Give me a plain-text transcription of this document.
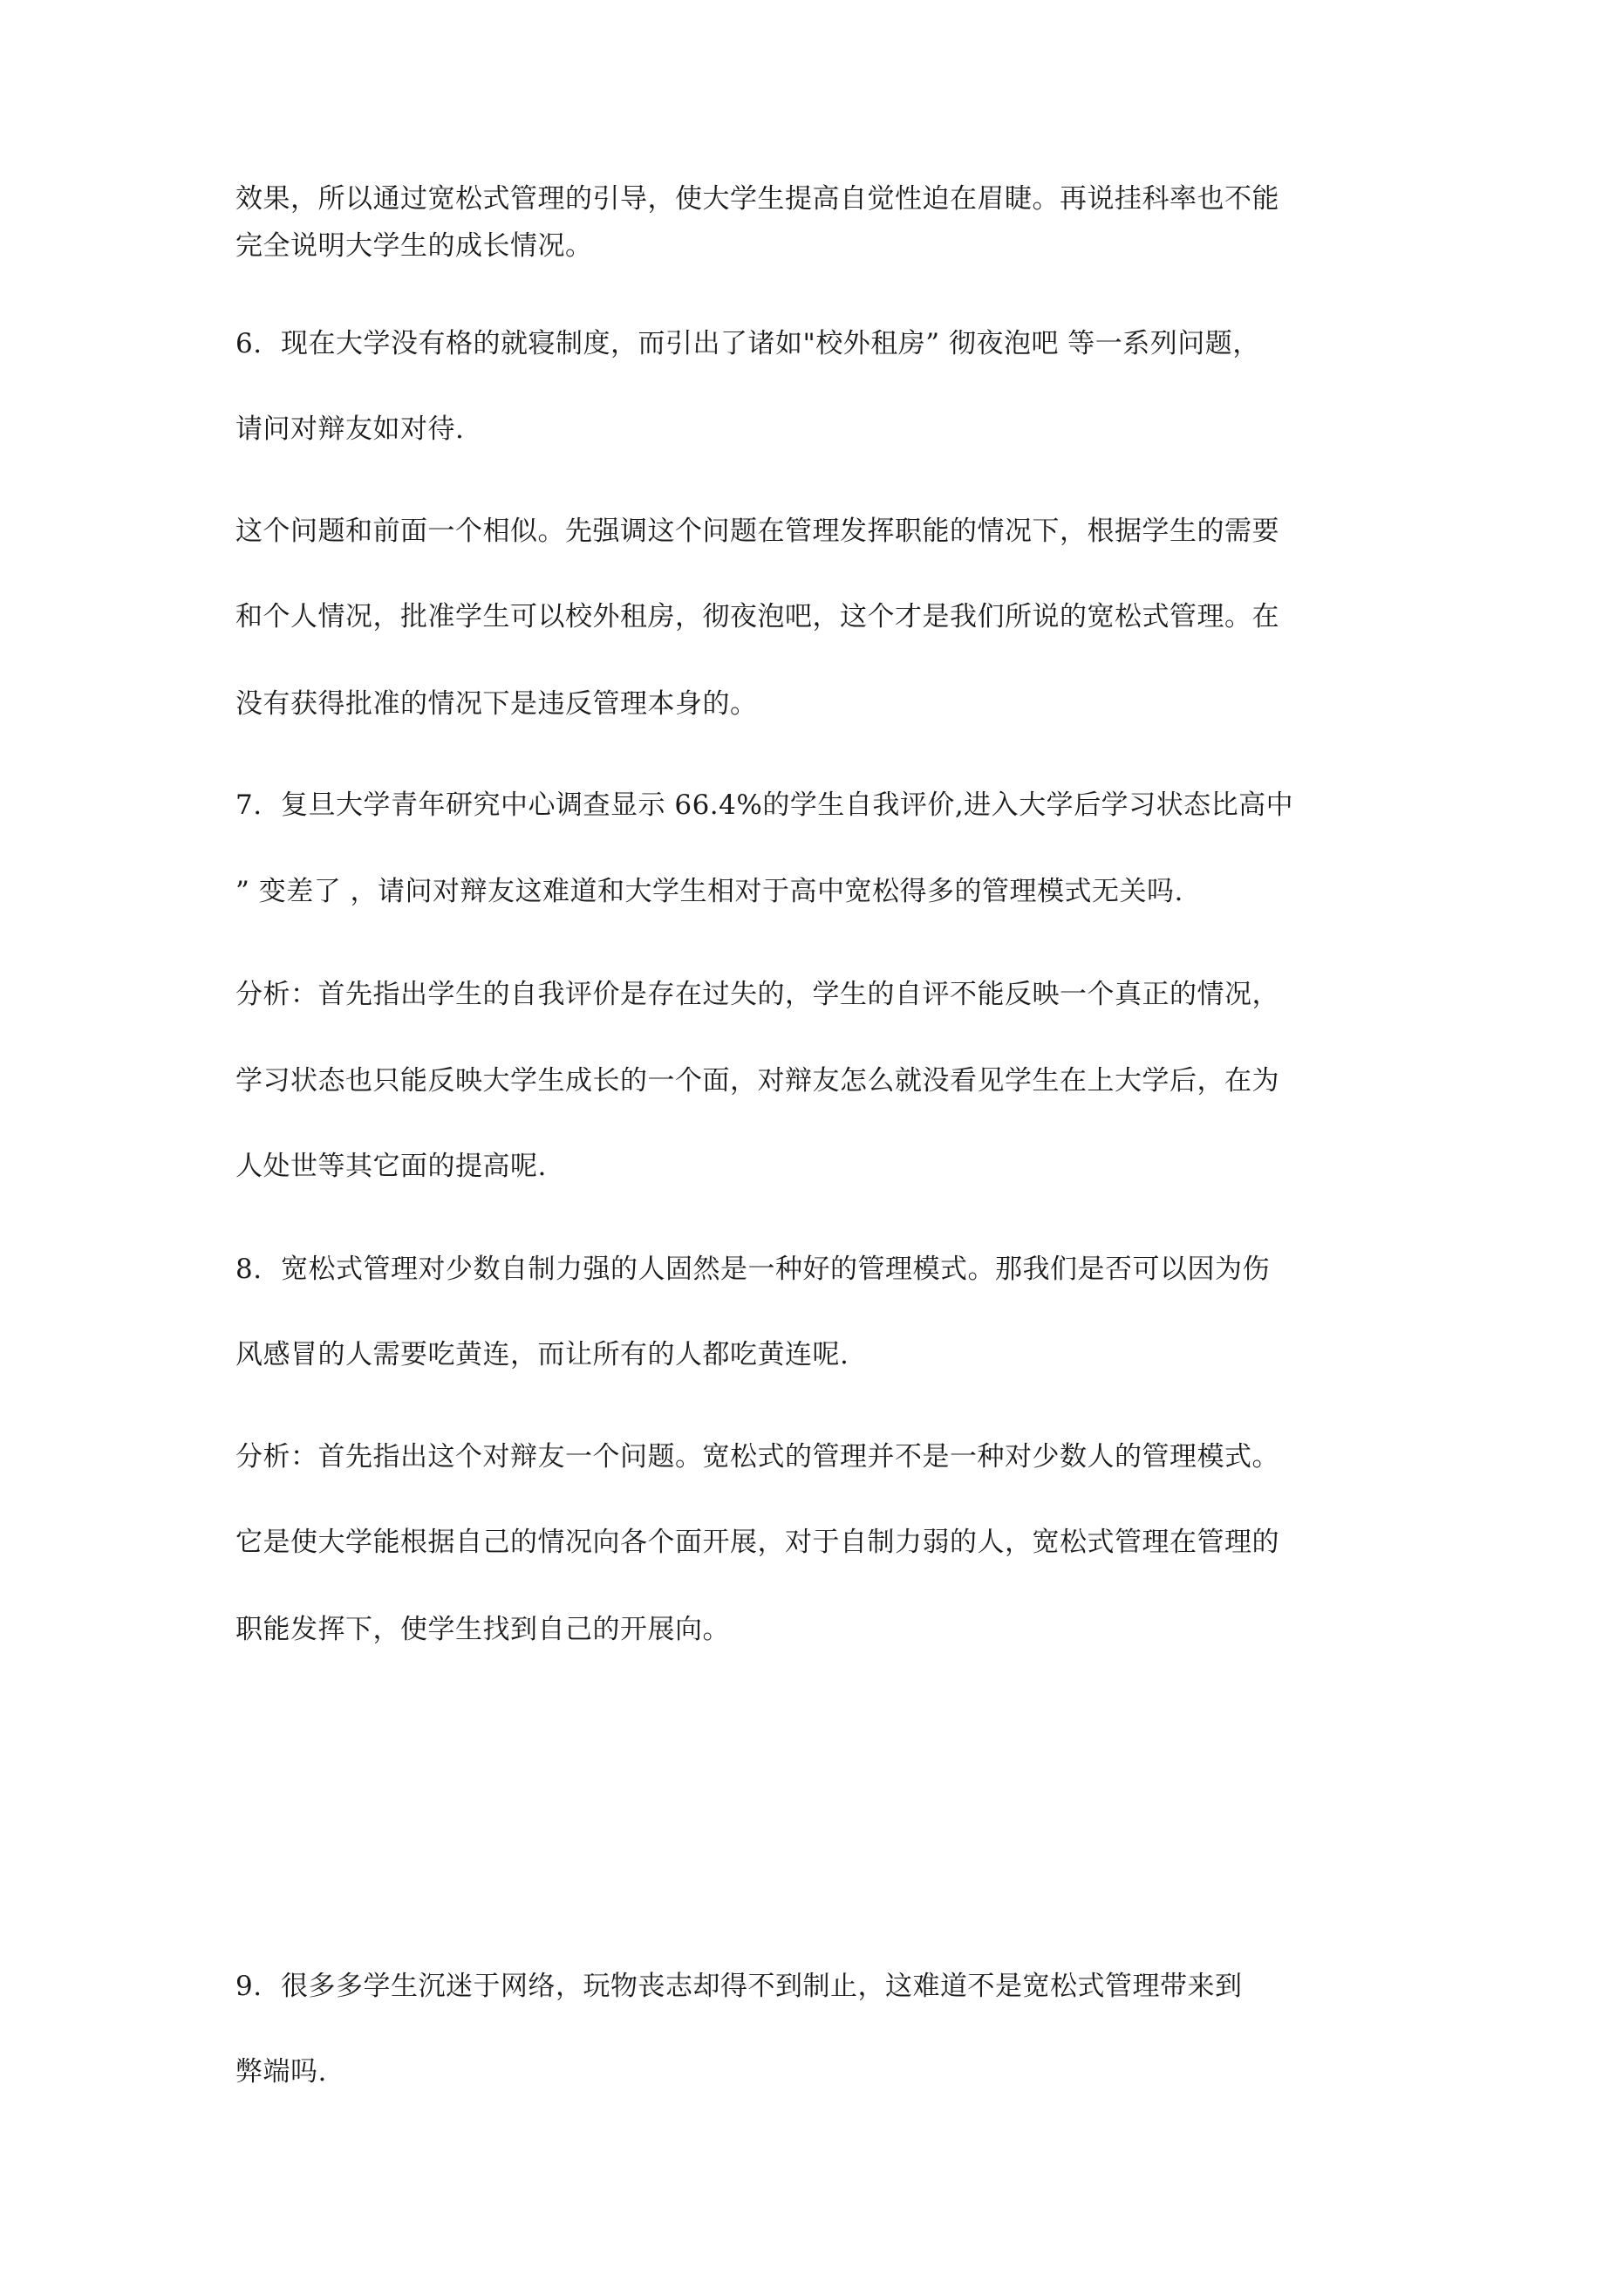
效果，所以通过宽松式管理的引导，使大学生提高自觉性迫在眉睫。再说挂科率也不能
完全说明大学生的成长情况。
6. 现在大学没有格的就寝制度，而引出了诸如"校外租房” 彻夜泡吧 等一系列问题，
请问对辩友如对待.
这个问题和前面一个相似。先强调这个问题在管理发挥职能的情况下，根据学生的需要
和个人情况，批准学生可以校外租房，彻夜泡吧，这个才是我们所说的宽松式管理。在
没有获得批准的情况下是违反管理本身的。
7. 复旦大学青年研究中心调查显示 66.4%的学生自我评价,进入大学后学习状态比高中
” 变差了 ，请问对辩友这难道和大学生相对于高中宽松得多的管理模式无关吗.
分析：首先指出学生的自我评价是存在过失的，学生的自评不能反映一个真正的情况，
学习状态也只能反映大学生成长的一个面，对辩友怎么就没看见学生在上大学后，在为
人处世等其它面的提高呢.
8. 宽松式管理对少数自制力强的人固然是一种好的管理模式。那我们是否可以因为伤
风感冒的人需要吃黄连，而让所有的人都吃黄连呢.
分析：首先指出这个对辩友一个问题。宽松式的管理并不是一种对少数人的管理模式。
它是使大学能根据自己的情况向各个面开展，对于自制力弱的人，宽松式管理在管理的
职能发挥下，使学生找到自己的开展向。
9. 很多多学生沉迷于网络，玩物丧志却得不到制止，这难道不是宽松式管理带来到
弊端吗.
